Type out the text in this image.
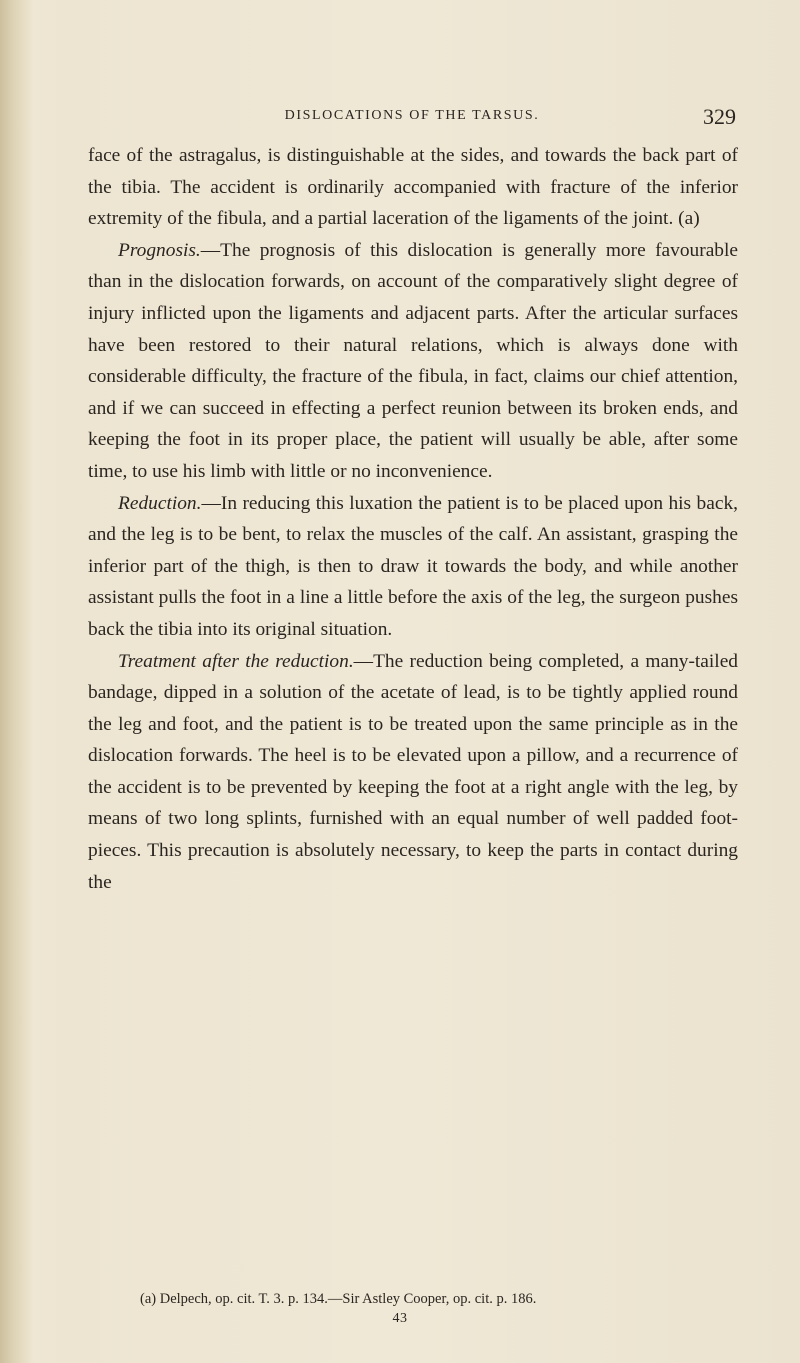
DISLOCATIONS OF THE TARSUS.	329

face of the astragalus, is distinguishable at the sides, and towards the back part of the tibia. The accident is ordinarily accompanied with fracture of the inferior extremity of the fibula, and a partial laceration of the ligaments of the joint. (a)

Prognosis.—The prognosis of this dislocation is generally more favourable than in the dislocation forwards, on account of the comparatively slight degree of injury inflicted upon the ligaments and adjacent parts. After the articular surfaces have been restored to their natural relations, which is always done with considerable difficulty, the fracture of the fibula, in fact, claims our chief attention, and if we can succeed in effecting a perfect reunion between its broken ends, and keeping the foot in its proper place, the patient will usually be able, after some time, to use his limb with little or no inconvenience.

Reduction.—In reducing this luxation the patient is to be placed upon his back, and the leg is to be bent, to relax the muscles of the calf. An assistant, grasping the inferior part of the thigh, is then to draw it towards the body, and while another assistant pulls the foot in a line a little before the axis of the leg, the surgeon pushes back the tibia into its original situation.

Treatment after the reduction.—The reduction being completed, a many-tailed bandage, dipped in a solution of the acetate of lead, is to be tightly applied round the leg and foot, and the patient is to be treated upon the same principle as in the dislocation forwards. The heel is to be elevated upon a pillow, and a recurrence of the accident is to be prevented by keeping the foot at a right angle with the leg, by means of two long splints, furnished with an equal number of well padded foot-pieces. This precaution is absolutely necessary, to keep the parts in contact during the

(a) Delpech, op. cit. T. 3. p. 134.—Sir Astley Cooper, op. cit. p. 186.
43
